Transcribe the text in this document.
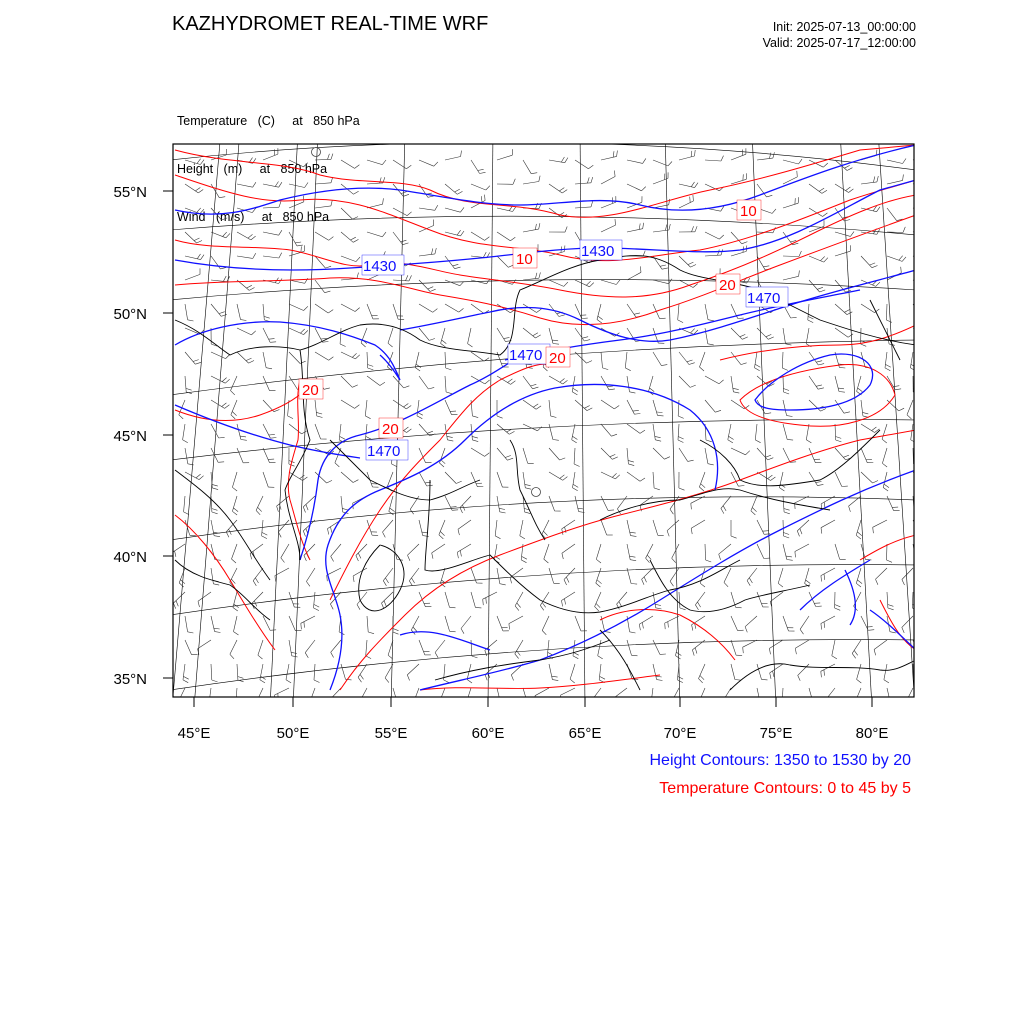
KAZHYDROMET REAL-TIME WRF	Init: 2025-07-13_00:00:00
Valid: 2025-07-17_12:00:00

Temperature   (C)     at   850 hPa

Height   (m)     at   850 hPa

Wind   (m/s)     at   850 hPa

1430
1430
1470
1470
1470
10
10
20
20
20
20
55°N
50°N
45°N
40°N
35°N
45°E	50°E	55°E	60°E	65°E	70°E	75°E	80°E
Height Contours: 1350 to 1530 by 20
Temperature Contours: 0 to 45 by 5
